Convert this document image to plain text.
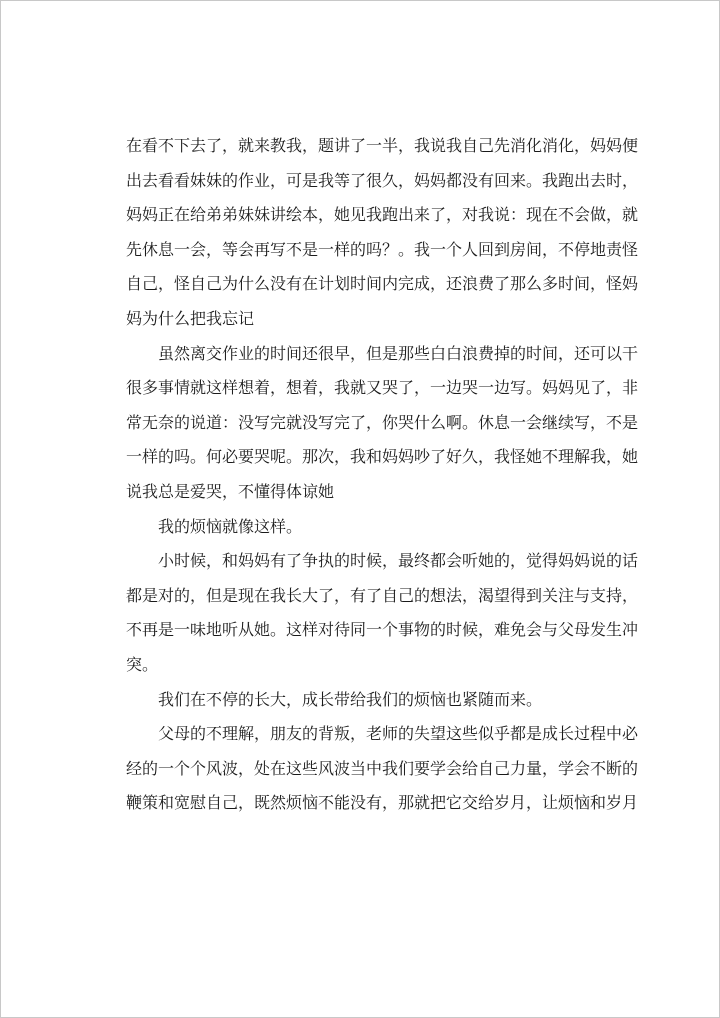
在看不下去了，就来教我，题讲了一半，我说我自己先消化消化，妈妈便
出去看看妹妹的作业，可是我等了很久，妈妈都没有回来。我跑出去时，
妈妈正在给弟弟妹妹讲绘本，她见我跑出来了，对我说：现在不会做，就
先休息一会，等会再写不是一样的吗？。我一个人回到房间，不停地责怪
自己，怪自己为什么没有在计划时间内完成，还浪费了那么多时间，怪妈
妈为什么把我忘记
虽然离交作业的时间还很早，但是那些白白浪费掉的时间，还可以干
很多事情就这样想着，想着，我就又哭了，一边哭一边写。妈妈见了，非
常无奈的说道：没写完就没写完了，你哭什么啊。休息一会继续写，不是
一样的吗。何必要哭呢。那次，我和妈妈吵了好久，我怪她不理解我，她
说我总是爱哭，不懂得体谅她
我的烦恼就像这样。
小时候，和妈妈有了争执的时候，最终都会听她的，觉得妈妈说的话
都是对的，但是现在我长大了，有了自己的想法，渴望得到关注与支持，
不再是一味地听从她。这样对待同一个事物的时候，难免会与父母发生冲
突。
我们在不停的长大，成长带给我们的烦恼也紧随而来。
父母的不理解，朋友的背叛，老师的失望这些似乎都是成长过程中必
经的一个个风波，处在这些风波当中我们要学会给自己力量，学会不断的
鞭策和宽慰自己，既然烦恼不能没有，那就把它交给岁月，让烦恼和岁月
